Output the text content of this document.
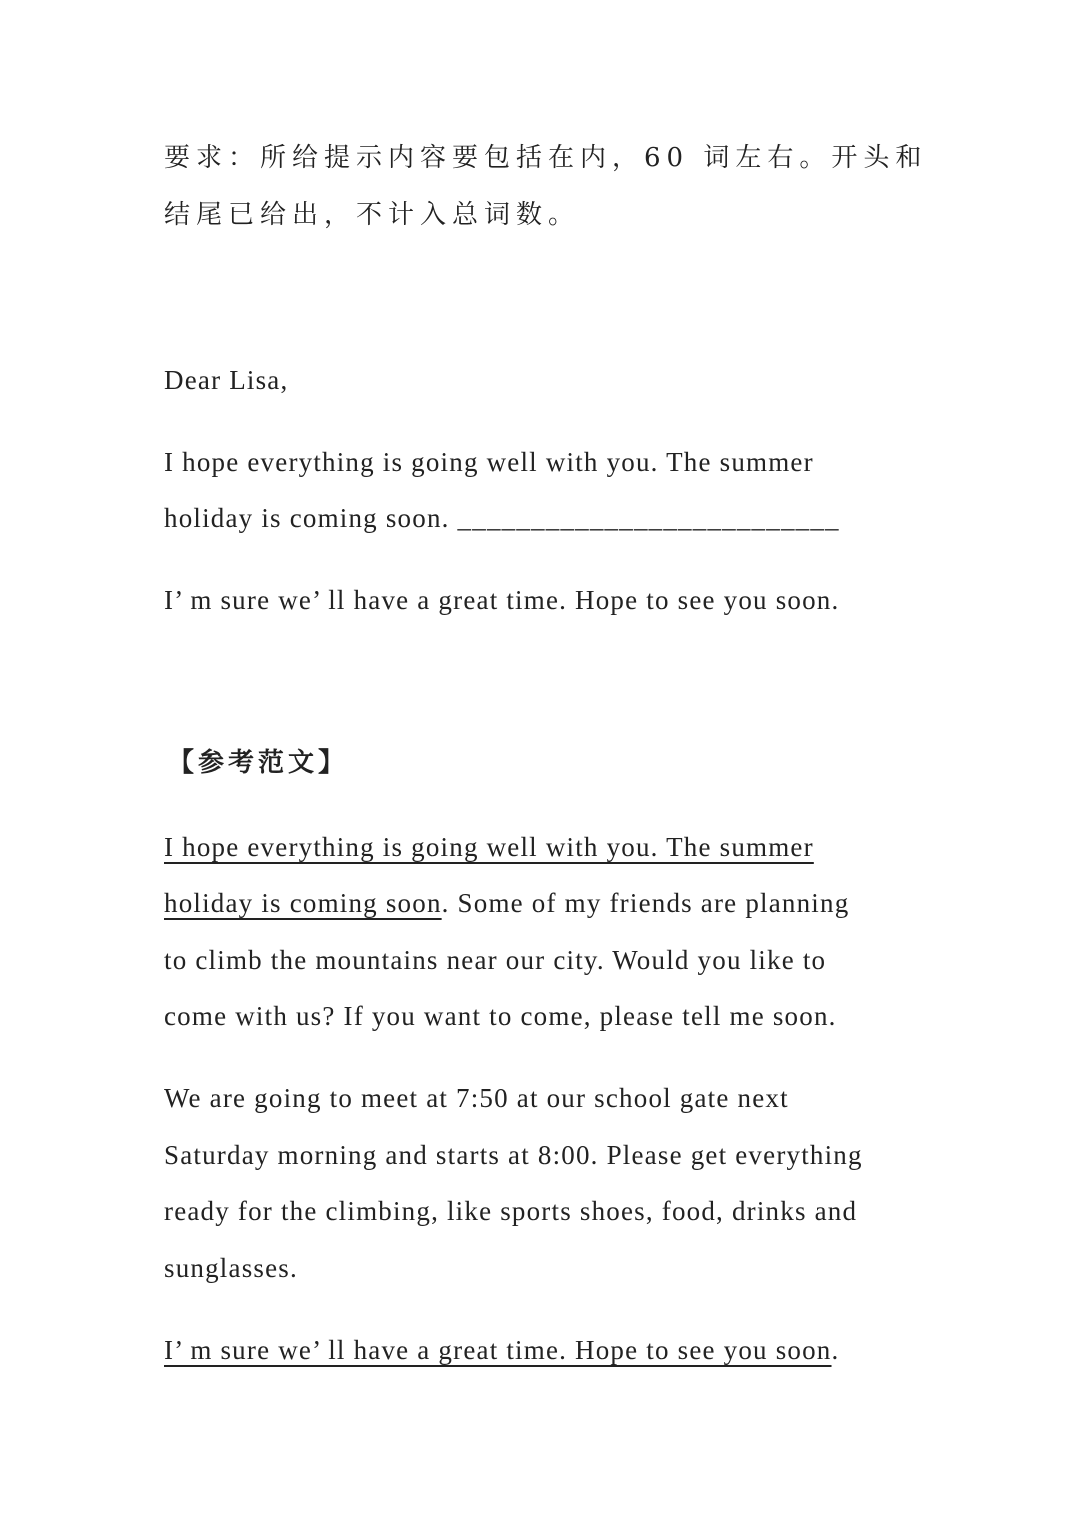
要求：所给提示内容要包括在内，60 词左右。开头和
结尾已给出，不计入总词数。
Dear Lisa,
I hope everything is going well with you. The summer
holiday is coming soon. __________________________
I’ m sure we’ ll have a great time. Hope to see you soon.
【参考范文】
I hope everything is going well with you. The summer
holiday is coming soon. Some of my friends are planning
to climb the mountains near our city. Would you like to
come with us? If you want to come, please tell me soon.
We are going to meet at 7:50 at our school gate next
Saturday morning and starts at 8:00. Please get everything
ready for the climbing, like sports shoes, food, drinks and
sunglasses.
I’ m sure we’ ll have a great time. Hope to see you soon.
